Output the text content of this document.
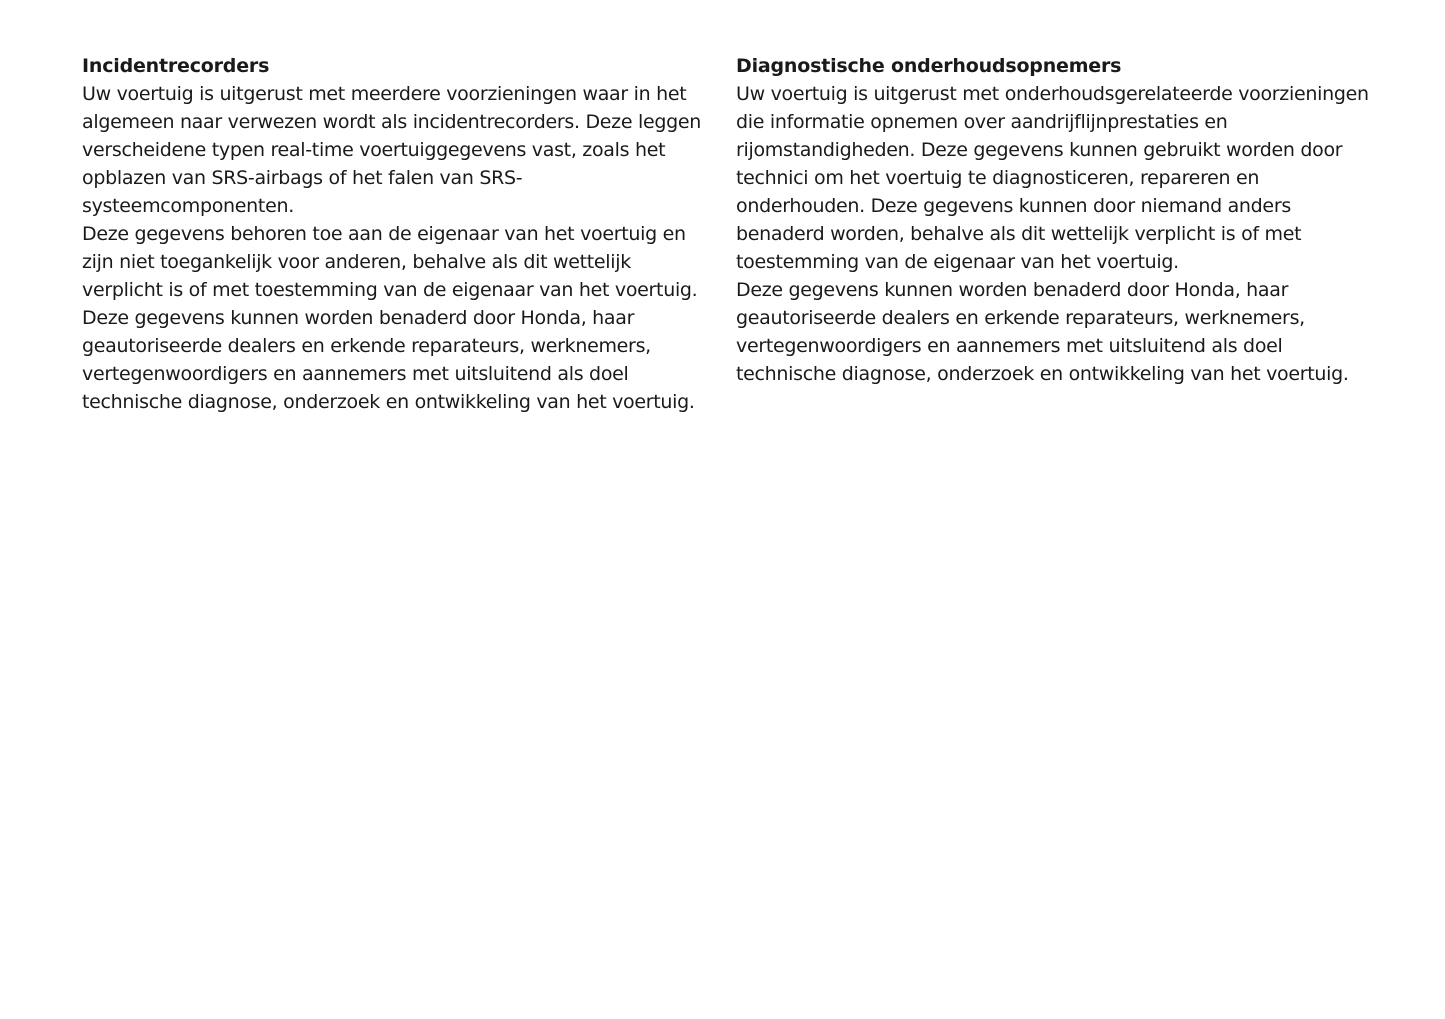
Incidentrecorders

Uw voertuig is uitgerust met meerdere voorzieningen waar in het algemeen naar verwezen wordt als incidentrecorders. Deze leggen verscheidene typen real-time voertuiggegevens vast, zoals het opblazen van SRS-airbags of het falen van SRS-systeemcomponenten.

Deze gegevens behoren toe aan de eigenaar van het voertuig en zijn niet toegankelijk voor anderen, behalve als dit wettelijk verplicht is of met toestemming van de eigenaar van het voertuig.

Deze gegevens kunnen worden benaderd door Honda, haar geautoriseerde dealers en erkende reparateurs, werknemers, vertegenwoordigers en aannemers met uitsluitend als doel technische diagnose, onderzoek en ontwikkeling van het voertuig.

Diagnostische onderhoudsopnemers

Uw voertuig is uitgerust met onderhoudsgerelateerde voorzieningen die informatie opnemen over aandrijflijnprestaties en rijomstandigheden. Deze gegevens kunnen gebruikt worden door technici om het voertuig te diagnosticeren, repareren en onderhouden. Deze gegevens kunnen door niemand anders benaderd worden, behalve als dit wettelijk verplicht is of met toestemming van de eigenaar van het voertuig.

Deze gegevens kunnen worden benaderd door Honda, haar geautoriseerde dealers en erkende reparateurs, werknemers, vertegenwoordigers en aannemers met uitsluitend als doel technische diagnose, onderzoek en ontwikkeling van het voertuig.
